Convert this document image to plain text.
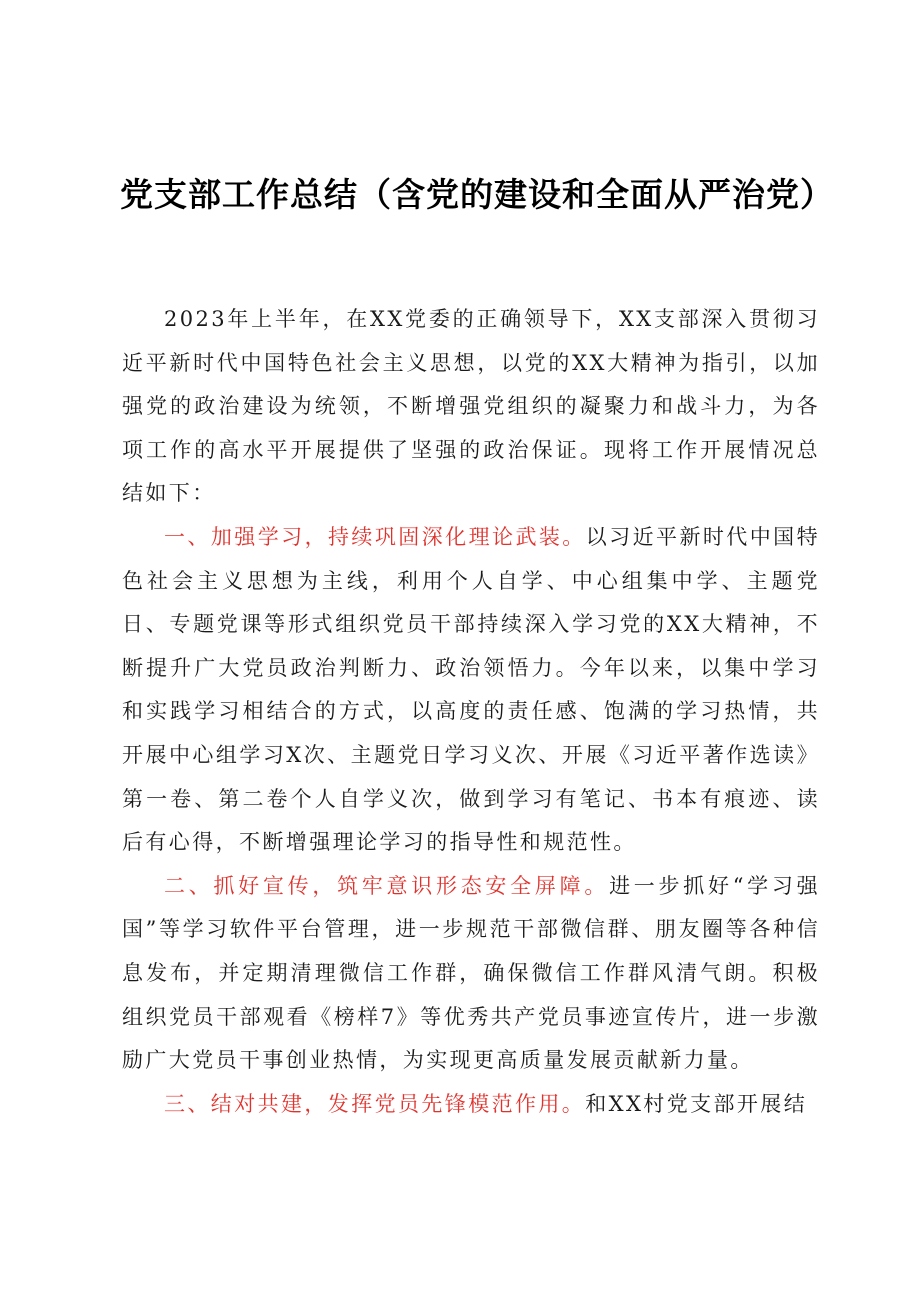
党支部工作总结（含党的建设和全面从严治党）

2023年上半年，在XX党委的正确领导下，XX支部深入贯彻习近平新时代中国特色社会主义思想，以党的XX大精神为指引，以加强党的政治建设为统领，不断增强党组织的凝聚力和战斗力，为各项工作的高水平开展提供了坚强的政治保证。现将工作开展情况总结如下：

一、加强学习，持续巩固深化理论武装。以习近平新时代中国特色社会主义思想为主线，利用个人自学、中心组集中学、主题党日、专题党课等形式组织党员干部持续深入学习党的XX大精神，不断提升广大党员政治判断力、政治领悟力。今年以来，以集中学习和实践学习相结合的方式，以高度的责任感、饱满的学习热情，共开展中心组学习X次、主题党日学习义次、开展《习近平著作选读》第一卷、第二卷个人自学义次，做到学习有笔记、书本有痕迹、读后有心得，不断增强理论学习的指导性和规范性。

二、抓好宣传，筑牢意识形态安全屏障。进一步抓好“学习强国”等学习软件平台管理，进一步规范干部微信群、朋友圈等各种信息发布，并定期清理微信工作群，确保微信工作群风清气朗。积极组织党员干部观看《榜样7》等优秀共产党员事迹宣传片，进一步激励广大党员干事创业热情，为实现更高质量发展贡献新力量。

三、结对共建，发挥党员先锋模范作用。和XX村党支部开展结
